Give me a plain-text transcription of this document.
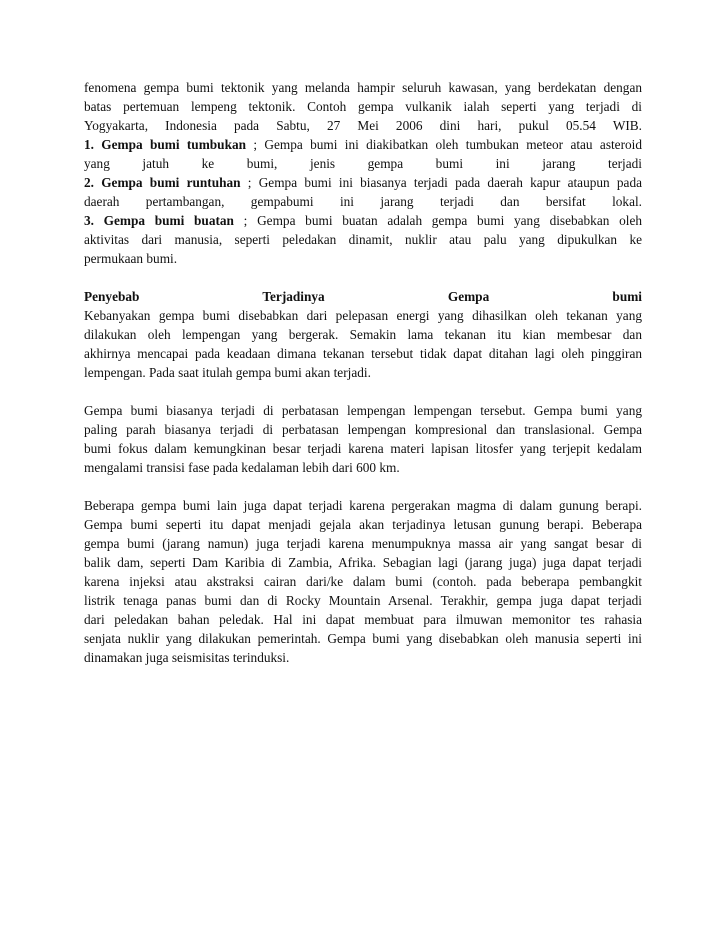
fenomena gempa bumi tektonik yang melanda hampir seluruh kawasan, yang berdekatan dengan
batas pertemuan lempeng tektonik. Contoh gempa vulkanik ialah seperti yang terjadi di
Yogyakarta, Indonesia pada Sabtu, 27 Mei 2006 dini hari, pukul 05.54 WIB.
1. Gempa bumi tumbukan ; Gempa bumi ini diakibatkan oleh tumbukan meteor atau asteroid
yang jatuh ke bumi, jenis gempa bumi ini jarang terjadi
2. Gempa bumi runtuhan ; Gempa bumi ini biasanya terjadi pada daerah kapur ataupun pada
daerah pertambangan, gempabumi ini jarang terjadi dan bersifat lokal.
3. Gempa bumi buatan ; Gempa bumi buatan adalah gempa bumi yang disebabkan oleh
aktivitas dari manusia, seperti peledakan dinamit, nuklir atau palu yang dipukulkan ke
permukaan bumi.
Penyebab Terjadinya Gempa bumi
Kebanyakan gempa bumi disebabkan dari pelepasan energi yang dihasilkan oleh tekanan yang
dilakukan oleh lempengan yang bergerak. Semakin lama tekanan itu kian membesar dan
akhirnya mencapai pada keadaan dimana tekanan tersebut tidak dapat ditahan lagi oleh pinggiran
lempengan. Pada saat itulah gempa bumi akan terjadi.
Gempa bumi biasanya terjadi di perbatasan lempengan lempengan tersebut. Gempa bumi yang
paling parah biasanya terjadi di perbatasan lempengan kompresional dan translasional. Gempa
bumi fokus dalam kemungkinan besar terjadi karena materi lapisan litosfer yang terjepit kedalam
mengalami transisi fase pada kedalaman lebih dari 600 km.
Beberapa gempa bumi lain juga dapat terjadi karena pergerakan magma di dalam gunung berapi.
Gempa bumi seperti itu dapat menjadi gejala akan terjadinya letusan gunung berapi. Beberapa
gempa bumi (jarang namun) juga terjadi karena menumpuknya massa air yang sangat besar di
balik dam, seperti Dam Karibia di Zambia, Afrika. Sebagian lagi (jarang juga) juga dapat terjadi
karena injeksi atau akstraksi cairan dari/ke dalam bumi (contoh. pada beberapa pembangkit
listrik tenaga panas bumi dan di Rocky Mountain Arsenal. Terakhir, gempa juga dapat terjadi
dari peledakan bahan peledak. Hal ini dapat membuat para ilmuwan memonitor tes rahasia
senjata nuklir yang dilakukan pemerintah. Gempa bumi yang disebabkan oleh manusia seperti ini
dinamakan juga seismisitas terinduksi.
